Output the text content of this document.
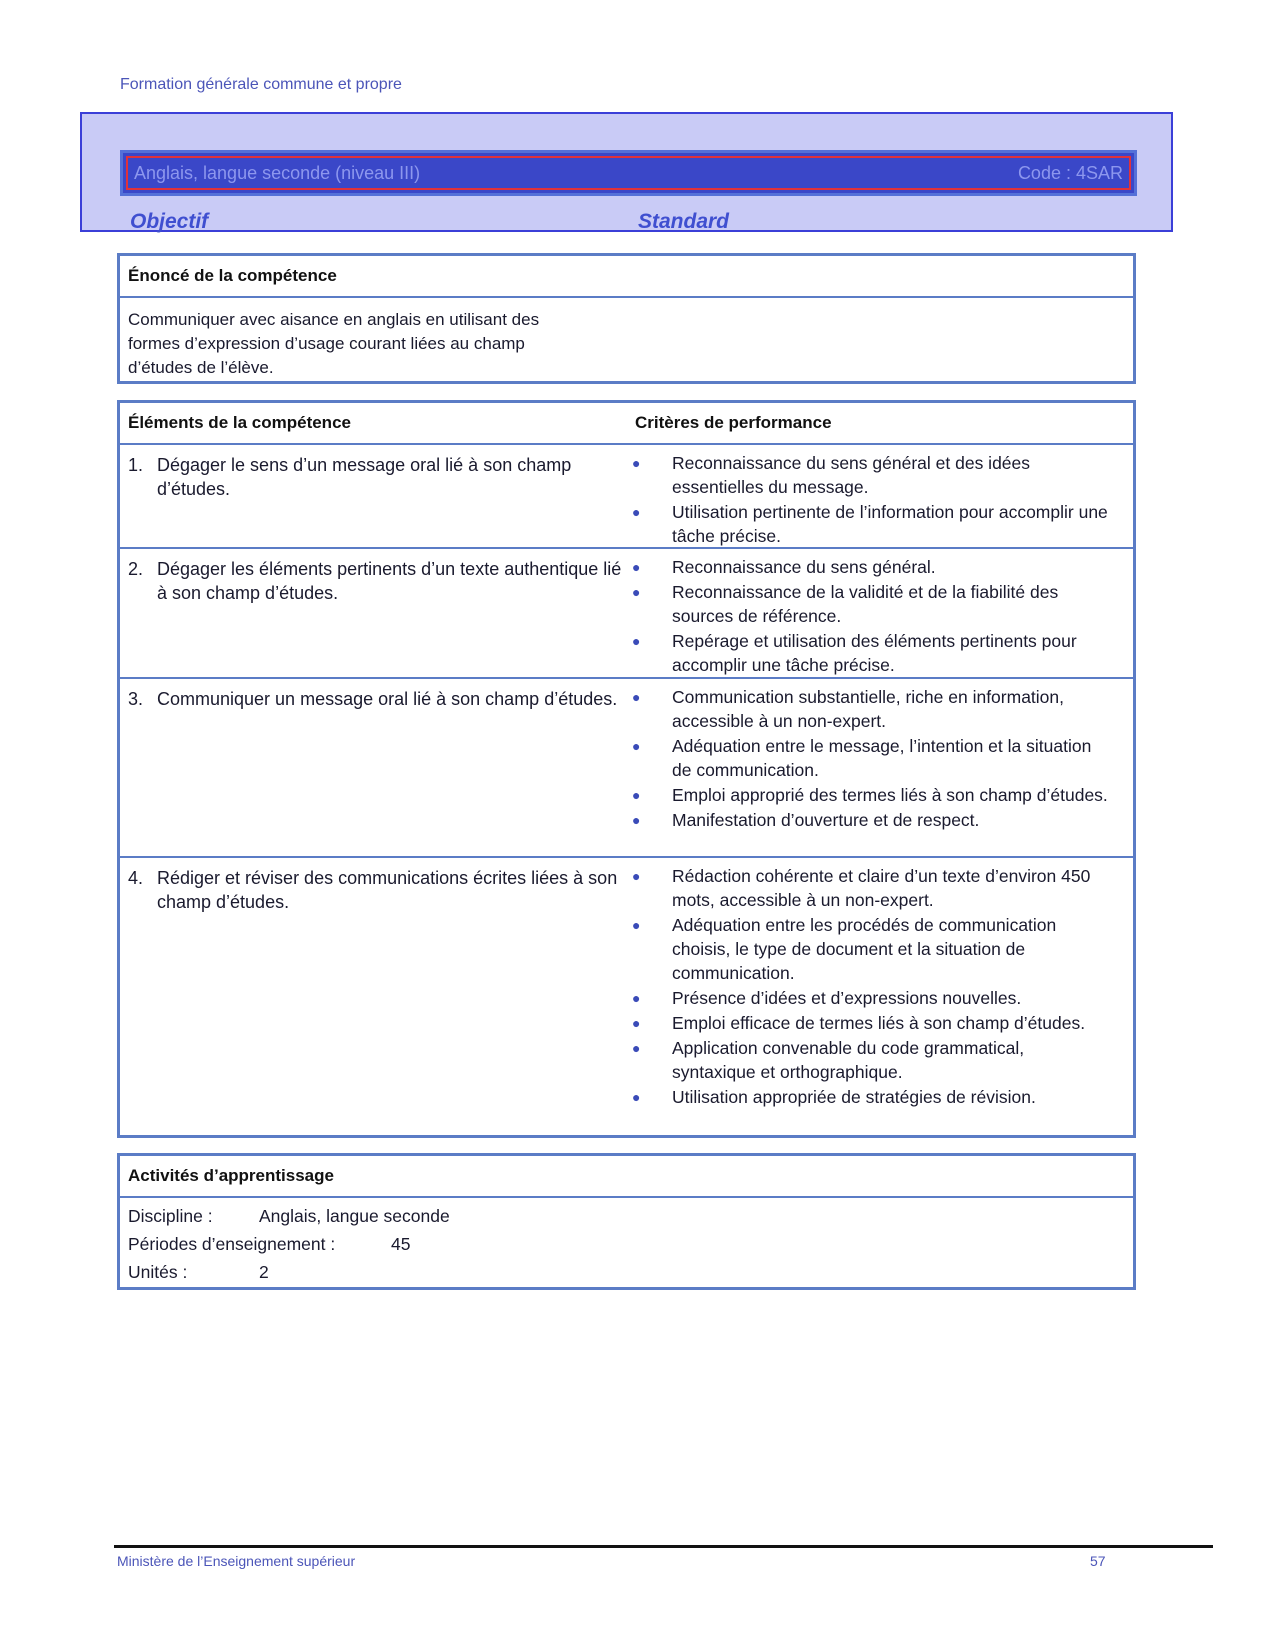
Formation générale commune et propre
Anglais, langue seconde (niveau III)	Code : 4SAR
Objectif	Standard
Énoncé de la compétence
Communiquer avec aisance en anglais en utilisant des formes d’expression d’usage courant liées au champ d’études de l’élève.
Éléments de la compétence	Critères de performance
1. Dégager le sens d’un message oral lié à son champ d’études.
●	Reconnaissance du sens général et des idées essentielles du message.
●	Utilisation pertinente de l’information pour accomplir une tâche précise.
2. Dégager les éléments pertinents d’un texte authentique lié à son champ d’études.
●	Reconnaissance du sens général.
●	Reconnaissance de la validité et de la fiabilité des sources de référence.
●	Repérage et utilisation des éléments pertinents pour accomplir une tâche précise.
3. Communiquer un message oral lié à son champ d’études. ●	Communication substantielle, riche en information, accessible à un non-expert.
●	Adéquation entre le message, l’intention et la situation de communication.
●	Emploi approprié des termes liés à son champ d’études.
●	Manifestation d’ouverture et de respect.
4. Rédiger et réviser des communications écrites liées à son champ d’études.
●	Rédaction cohérente et claire d’un texte d’environ 450 mots, accessible à un non-expert.
●	Adéquation entre les procédés de communication choisis, le type de document et la situation de communication.
●	Présence d’idées et d’expressions nouvelles.
●	Emploi efficace de termes liés à son champ d’études.
●	Application convenable du code grammatical, syntaxique et orthographique.
●	Utilisation appropriée de stratégies de révision.
Activités d’apprentissage
Discipline :	Anglais, langue seconde
Périodes d’enseignement :	45
Unités :	2
Ministère de l’Enseignement supérieur	57
